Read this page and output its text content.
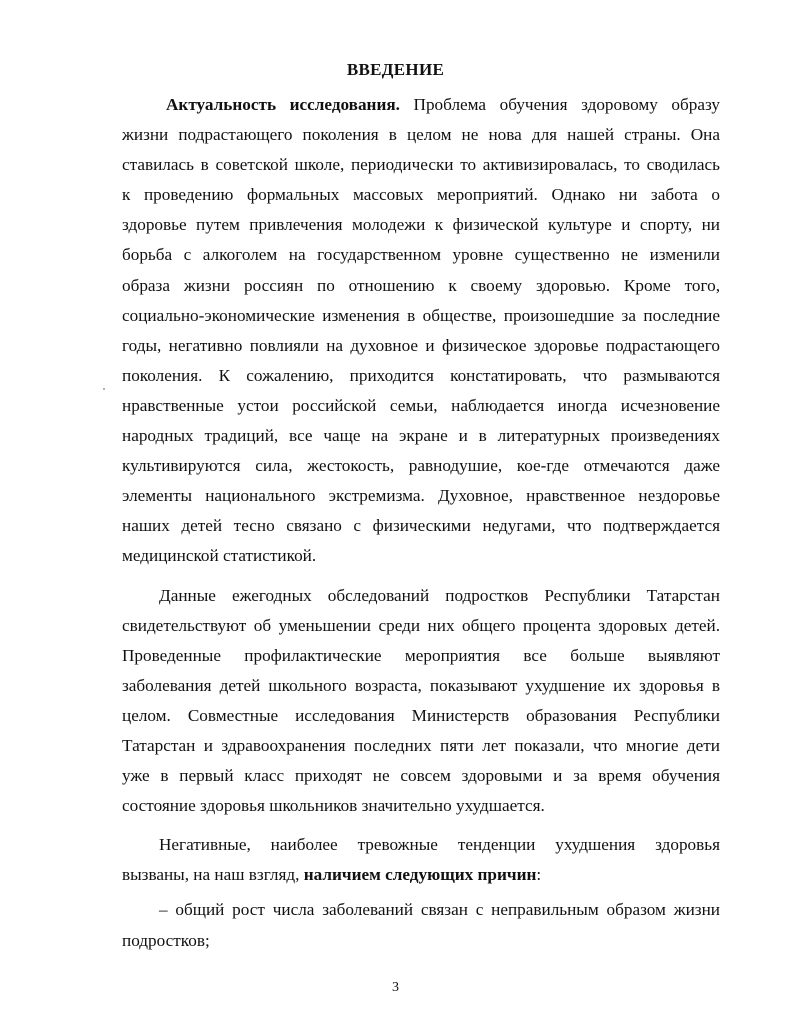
ВВЕДЕНИЕ
Актуальность исследования. Проблема обучения здоровому образу
жизни подрастающего поколения в целом не нова для нашей страны. Она
ставилась в советской школе, периодически то активизировалась, то сводилась
к проведению формальных массовых мероприятий. Однако ни забота о
здоровье путем привлечения молодежи к физической культуре и спорту, ни
борьба с алкоголем на государственном уровне существенно не изменили
образа жизни россиян по отношению к своему здоровью. Кроме того,
социально-экономические изменения в обществе, произошедшие за последние
годы, негативно повлияли на духовное и физическое здоровье подрастающего
поколения. К сожалению, приходится констатировать, что размываются
нравственные устои российской семьи, наблюдается иногда исчезновение
народных традиций, все чаще на экране и в литературных произведениях
культивируются сила, жестокость, равнодушие, кое-где отмечаются даже
элементы национального экстремизма. Духовное, нравственное нездоровье
наших детей тесно связано с физическими недугами, что подтверждается
медицинской статистикой.
Данные ежегодных обследований подростков Республики Татарстан
свидетельствуют об уменьшении среди них общего процента здоровых детей.
Проведенные профилактические мероприятия все больше выявляют
заболевания детей школьного возраста, показывают ухудшение их здоровья в
целом. Совместные исследования Министерств образования Республики
Татарстан и здравоохранения последних пяти лет показали, что многие дети
уже в первый класс приходят не совсем здоровыми и за время обучения
состояние здоровья школьников значительно ухудшается.
Негативные, наиболее тревожные тенденции ухудшения здоровья
вызваны, на наш взгляд, наличием следующих причин:
– общий рост числа заболеваний связан с неправильным образом жизни
подростков;
3
